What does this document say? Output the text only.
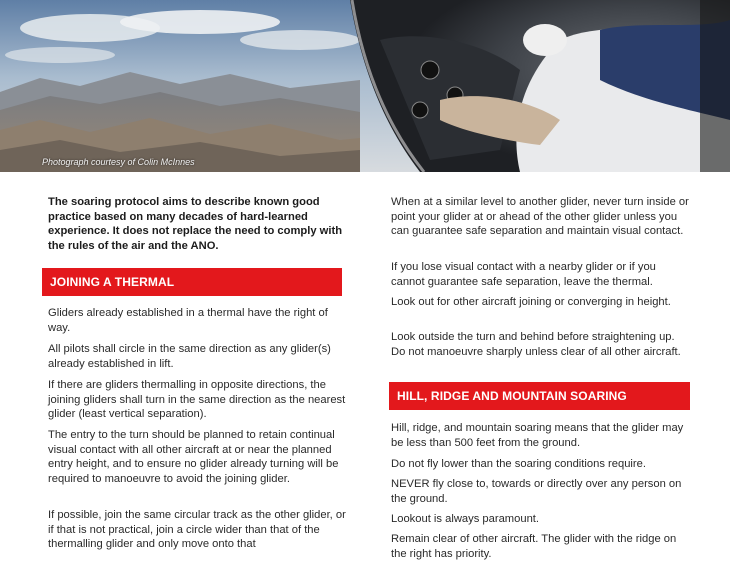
Photograph courtesy of Colin McInnes
The soaring protocol aims to describe known good practice based on many decades of hard-learned experience. It does not replace the need to comply with the rules of the air and the ANO.
JOINING A THERMAL
Gliders already established in a thermal have the right of way.
All pilots shall circle in the same direction as any glider(s) already established in lift.
If there are gliders thermalling in opposite directions, the joining gliders shall turn in the same direction as the nearest glider (least vertical separation).
The entry to the turn should be planned to retain continual visual contact with all other aircraft at or near the planned entry height, and to ensure no glider already turning will be required to manoeuvre to avoid the joining glider.
If possible, join the same circular track as the other glider, or if that is not practical, join a circle wider than that of the thermalling glider and only move onto that
When at a similar level to another glider, never turn inside or point your glider at or ahead of the other glider unless you can guarantee safe separation and maintain visual contact.
If you lose visual contact with a nearby glider or if you cannot guarantee safe separation, leave the thermal.
Look out for other aircraft joining or converging in height.
Look outside the turn and behind before straightening up. Do not manoeuvre sharply unless clear of all other aircraft.
HILL, RIDGE AND MOUNTAIN SOARING
Hill, ridge, and mountain soaring means that the glider may be less than 500 feet from the ground.
Do not fly lower than the soaring conditions require.
NEVER fly close to, towards or directly over any person on the ground.
Lookout is always paramount.
Remain clear of other aircraft. The glider with the ridge on the right has priority.
